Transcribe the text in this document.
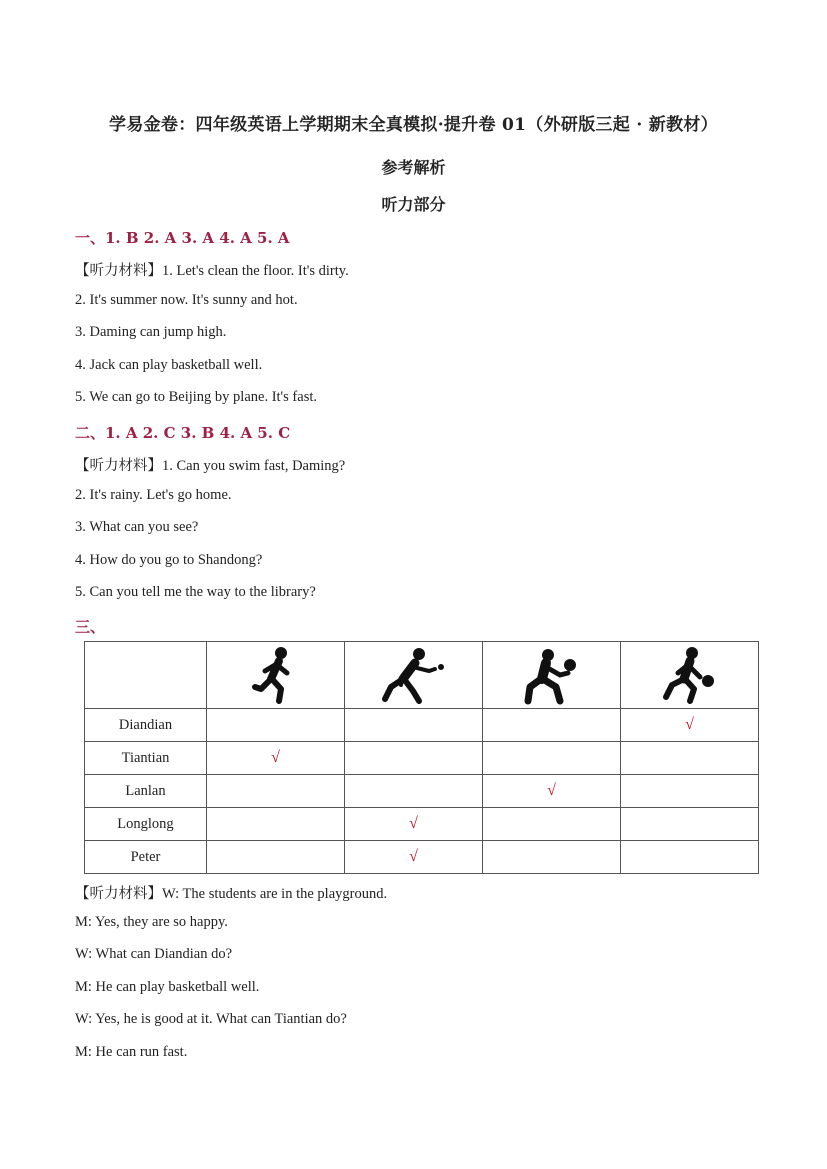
学易金卷：四年级英语上学期期末全真模拟·提升卷 01（外研版三起 · 新教材）
参考解析
听力部分
一、1. B 2. A 3. A 4. A 5. A
【听力材料】1. Let's clean the floor. It's dirty.
2. It's summer now. It's sunny and hot.
3. Daming can jump high.
4. Jack can play basketball well.
5. We can go to Beijing by plane. It's fast.
二、1. A 2. C 3. B 4. A 5. C
【听力材料】1. Can you swim fast, Daming?
2. It's rainy. Let's go home.
3. What can you see?
4. How do you go to Shandong?
5. Can you tell me the way to the library?
三、

Diandian				√
Tiantian	√			
Lanlan			√	
Longlong		√		
Peter		√		
【听力材料】W: The students are in the playground.
M: Yes, they are so happy.
W: What can Diandian do?
M: He can play basketball well.
W: Yes, he is good at it. What can Tiantian do?
M: He can run fast.
